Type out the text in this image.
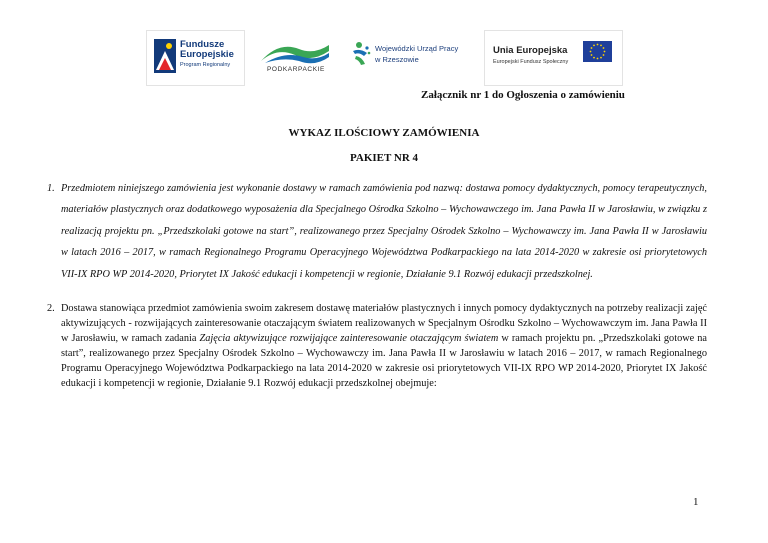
Fundusze
Europejskie
Program Regionalny
PODKARPACKIE
Wojewódzki Urząd Pracy
w Rzeszowie
Unia Europejska
Europejski Fundusz Społeczny
Załącznik nr 1 do Ogłoszenia o zamówieniu
WYKAZ ILOŚCIOWY ZAMÓWIENIA
PAKIET NR 4
1. Przedmiotem niniejszego zamówienia jest wykonanie dostawy w ramach zamówienia pod nazwą: dostawa pomocy dydaktycznych, pomocy terapeutycznych, materiałów plastycznych oraz dodatkowego wyposażenia dla Specjalnego Ośrodka Szkolno – Wychowawczego im. Jana Pawła II w Jarosławiu, w związku z realizacją projektu pn. „Przedszkolaki gotowe na start”, realizowanego przez Specjalny Ośrodek Szkolno – Wychowawczy im. Jana Pawła II w Jarosławiu w latach 2016 – 2017, w ramach Regionalnego Programu Operacyjnego Województwa Podkarpackiego na lata 2014-2020 w zakresie osi priorytetowych VII-IX RPO WP 2014-2020, Priorytet IX Jakość edukacji i kompetencji w regionie, Działanie 9.1 Rozwój edukacji przedszkolnej.
2. Dostawa stanowiąca przedmiot zamówienia swoim zakresem dostawę materiałów plastycznych i innych pomocy dydaktycznych na potrzeby realizacji zajęć aktywizujących - rozwijających zainteresowanie otaczającym światem realizowanych w Specjalnym Ośrodku Szkolno – Wychowawczym im. Jana Pawła II w Jarosławiu, w ramach zadania Zajęcia aktywizujące rozwijające zainteresowanie otaczającym światem w ramach projektu pn. „Przedszkolaki gotowe na start”, realizowanego przez Specjalny Ośrodek Szkolno – Wychowawczy im. Jana Pawła II w Jarosławiu w latach 2016 – 2017, w ramach Regionalnego Programu Operacyjnego Województwa Podkarpackiego na lata 2014-2020 w zakresie osi priorytetowych VII-IX RPO WP 2014-2020, Priorytet IX Jakość edukacji i kompetencji w regionie, Działanie 9.1 Rozwój edukacji przedszkolnej obejmuje:
1
